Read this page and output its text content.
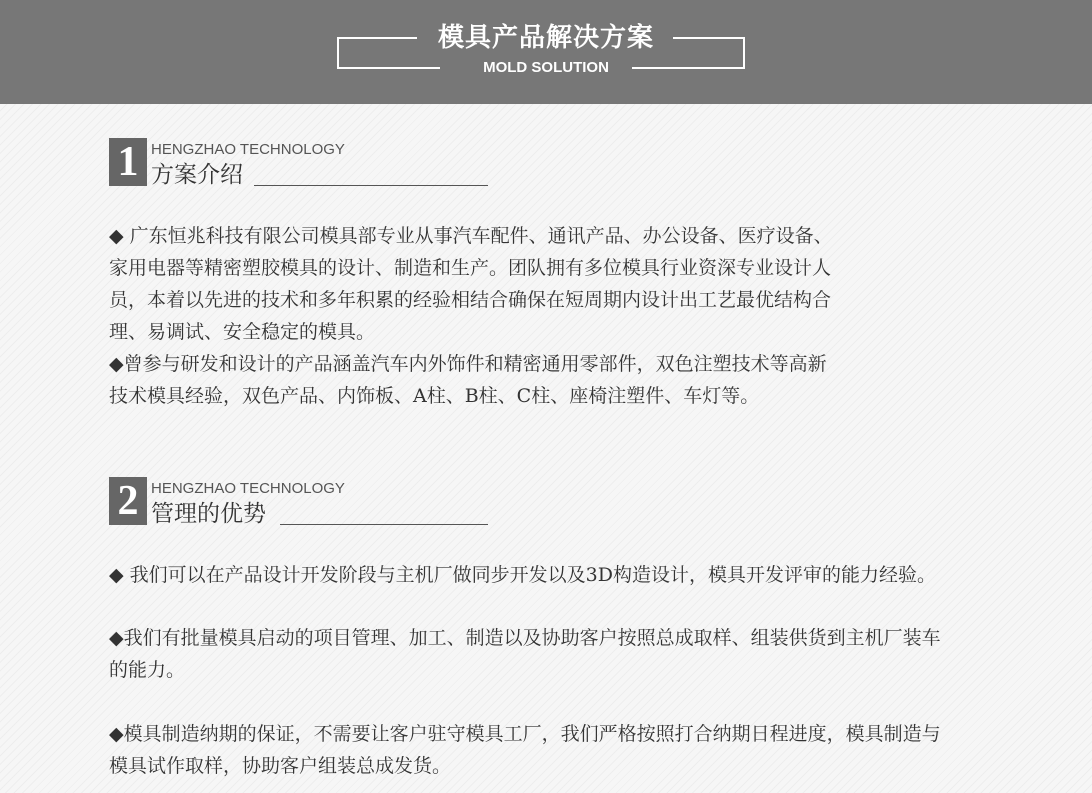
模具产品解决方案
MOLD SOLUTION
1 HENGZHAO TECHNOLOGY
方案介绍
◆ 广东恒兆科技有限公司模具部专业从事汽车配件、通讯产品、办公设备、医疗设备、
家用电器等精密塑胶模具的设计、制造和生产。团队拥有多位模具行业资深专业设计人
员，本着以先进的技术和多年积累的经验相结合确保在短周期内设计出工艺最优结构合
理、易调试、安全稳定的模具。
◆曾参与研发和设计的产品涵盖汽车内外饰件和精密通用零部件，双色注塑技术等高新
技术模具经验，双色产品、内饰板、A柱、B柱、C柱、座椅注塑件、车灯等。
2 HENGZHAO TECHNOLOGY
管理的优势
◆ 我们可以在产品设计开发阶段与主机厂做同步开发以及3D构造设计，模具开发评审的能力经验。
◆我们有批量模具启动的项目管理、加工、制造以及协助客户按照总成取样、组装供货到主机厂装车
的能力。
◆模具制造纳期的保证，不需要让客户驻守模具工厂，我们严格按照打合纳期日程进度，模具制造与
模具试作取样，协助客户组装总成发货。
